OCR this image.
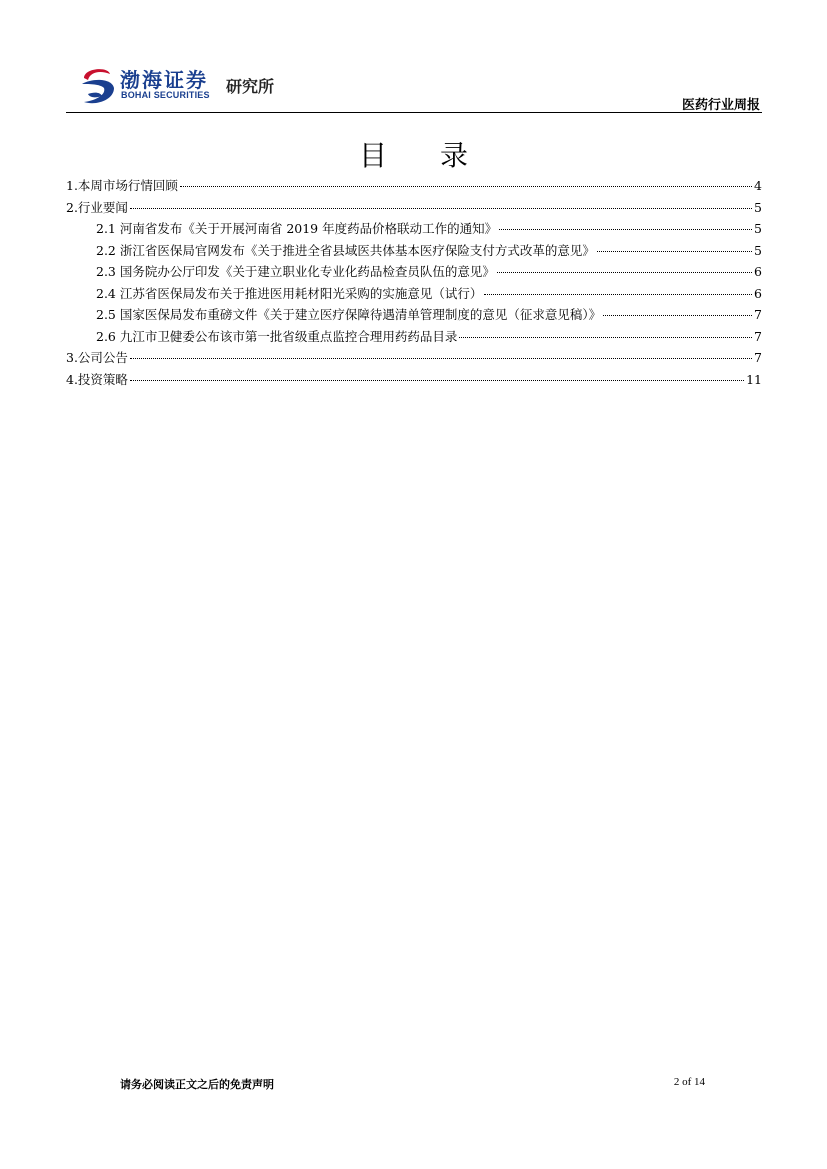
渤海证券
BOHAI SECURITIES 研究所
医药行业周报
目 录
1.本周市场行情回顾	4
2.行业要闻	5
2.1 河南省发布《关于开展河南省 2019 年度药品价格联动工作的通知》	5
2.2 浙江省医保局官网发布《关于推进全省县域医共体基本医疗保险支付方式改革的意见》	5
2.3 国务院办公厅印发《关于建立职业化专业化药品检查员队伍的意见》	6
2.4 江苏省医保局发布关于推进医用耗材阳光采购的实施意见（试行）	6
2.5 国家医保局发布重磅文件《关于建立医疗保障待遇清单管理制度的意见（征求意见稿）》	7
2.6 九江市卫健委公布该市第一批省级重点监控合理用药药品目录	7
3.公司公告	7
4.投资策略	11
请务必阅读正文之后的免责声明	2 of 14
